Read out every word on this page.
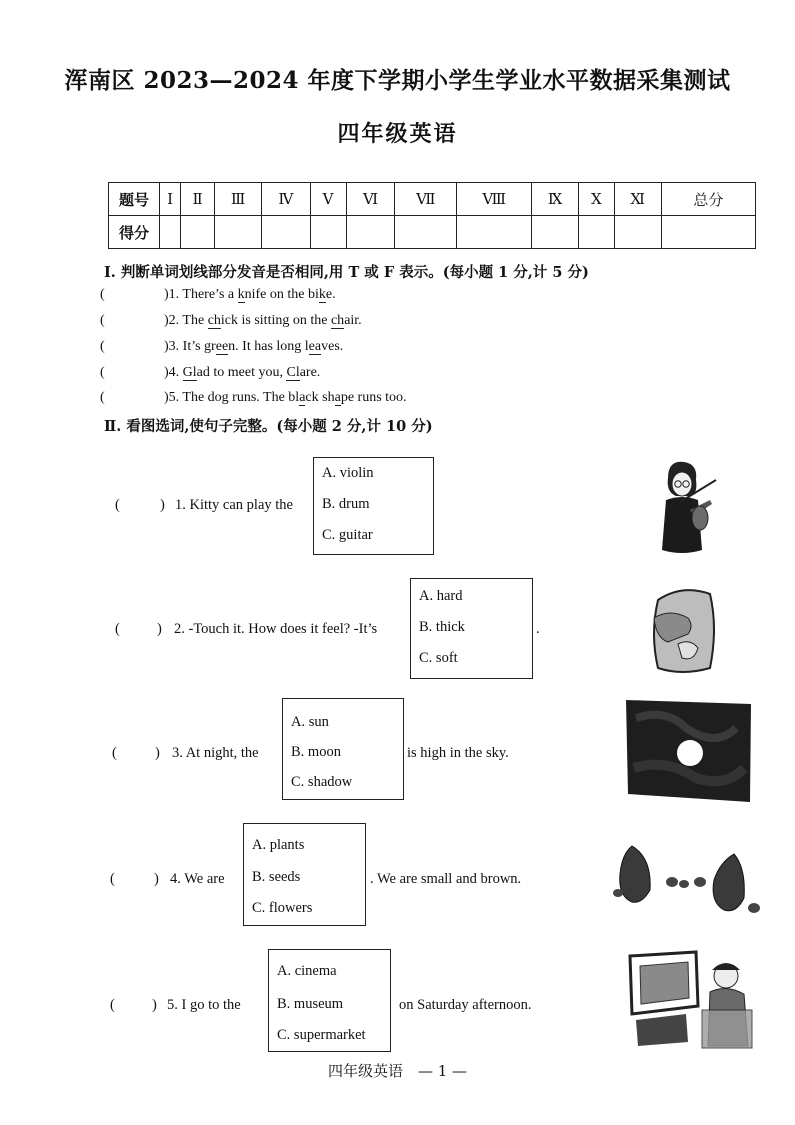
浑南区 2023—2024 年度下学期小学生学业水平数据采集测试
四年级英语
题号	I	Ⅱ	Ⅲ	Ⅳ	Ⅴ	Ⅵ	Ⅶ	Ⅷ	Ⅸ	Ⅹ	Ⅺ	总分
得分												
Ⅰ. 判断单词划线部分发音是否相同,用 T 或 F 表示。(每小题 1 分,计 5 分)
(	)1. There’s a knife on the bike.
(	)2. The chick is sitting on the chair.
(	)3. It’s green. It has long leaves.
(	)4. Glad to meet you, Clare.
(	)5. The dog runs. The black shape runs too.
Ⅱ. 看图选词,使句子完整。(每小题 2 分,计 10 分)
(	) 1. Kitty can play the
A. violin
B. drum
C. guitar
(	) 2. -Touch it. How does it feel? -It’s
A. hard
B. thick
C. soft
.
(	) 3. At night, the
A. sun
B. moon
C. shadow
is high in the sky.
(	) 4. We are
A. plants
B. seeds
C. flowers
. We are small and brown.
(	) 5. I go to the
A. cinema
B. museum
C. supermarket
on Saturday afternoon.
四年级英语　— 1 —
